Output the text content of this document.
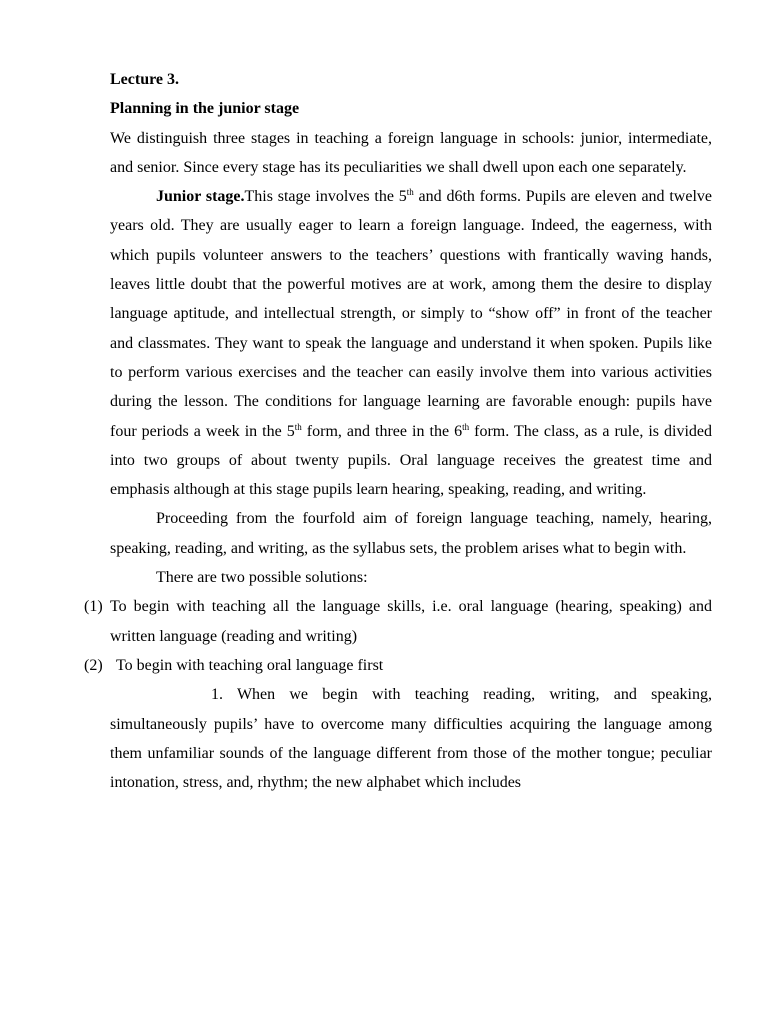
Lecture 3.

Planning in the junior stage

We distinguish three stages in teaching a foreign language in schools: junior, intermediate, and senior. Since every stage has its peculiarities we shall dwell upon each one separately.

Junior stage.This stage involves the 5th and d6th forms. Pupils are eleven and twelve years old. They are usually eager to learn a foreign language. Indeed, the eagerness, with which pupils volunteer answers to the teachers’ questions with frantically waving hands, leaves little doubt that the powerful motives are at work, among them the desire to display language aptitude, and intellectual strength, or simply to “show off” in front of the teacher and classmates. They want to speak the language and understand it when spoken. Pupils like to perform various exercises and the teacher can easily involve them into various activities during the lesson. The conditions for language learning are favorable enough: pupils have four periods a week in the 5th form, and three in the 6th form. The class, as a rule, is divided into two groups of about twenty pupils. Oral language receives the greatest time and emphasis although at this stage pupils learn hearing, speaking, reading, and writing.

Proceeding from the fourfold aim of foreign language teaching, namely, hearing, speaking, reading, and writing, as the syllabus sets, the problem arises what to begin with.

There are two possible solutions:

(1) To begin with teaching all the language skills, i.e. oral language (hearing, speaking) and written language (reading and writing)
(2) To begin with teaching oral language first

1. When we begin with teaching reading, writing, and speaking, simultaneously pupils’ have to overcome many difficulties acquiring the language among them unfamiliar sounds of the language different from those of the mother tongue; peculiar intonation, stress, and, rhythm; the new alphabet which includes
